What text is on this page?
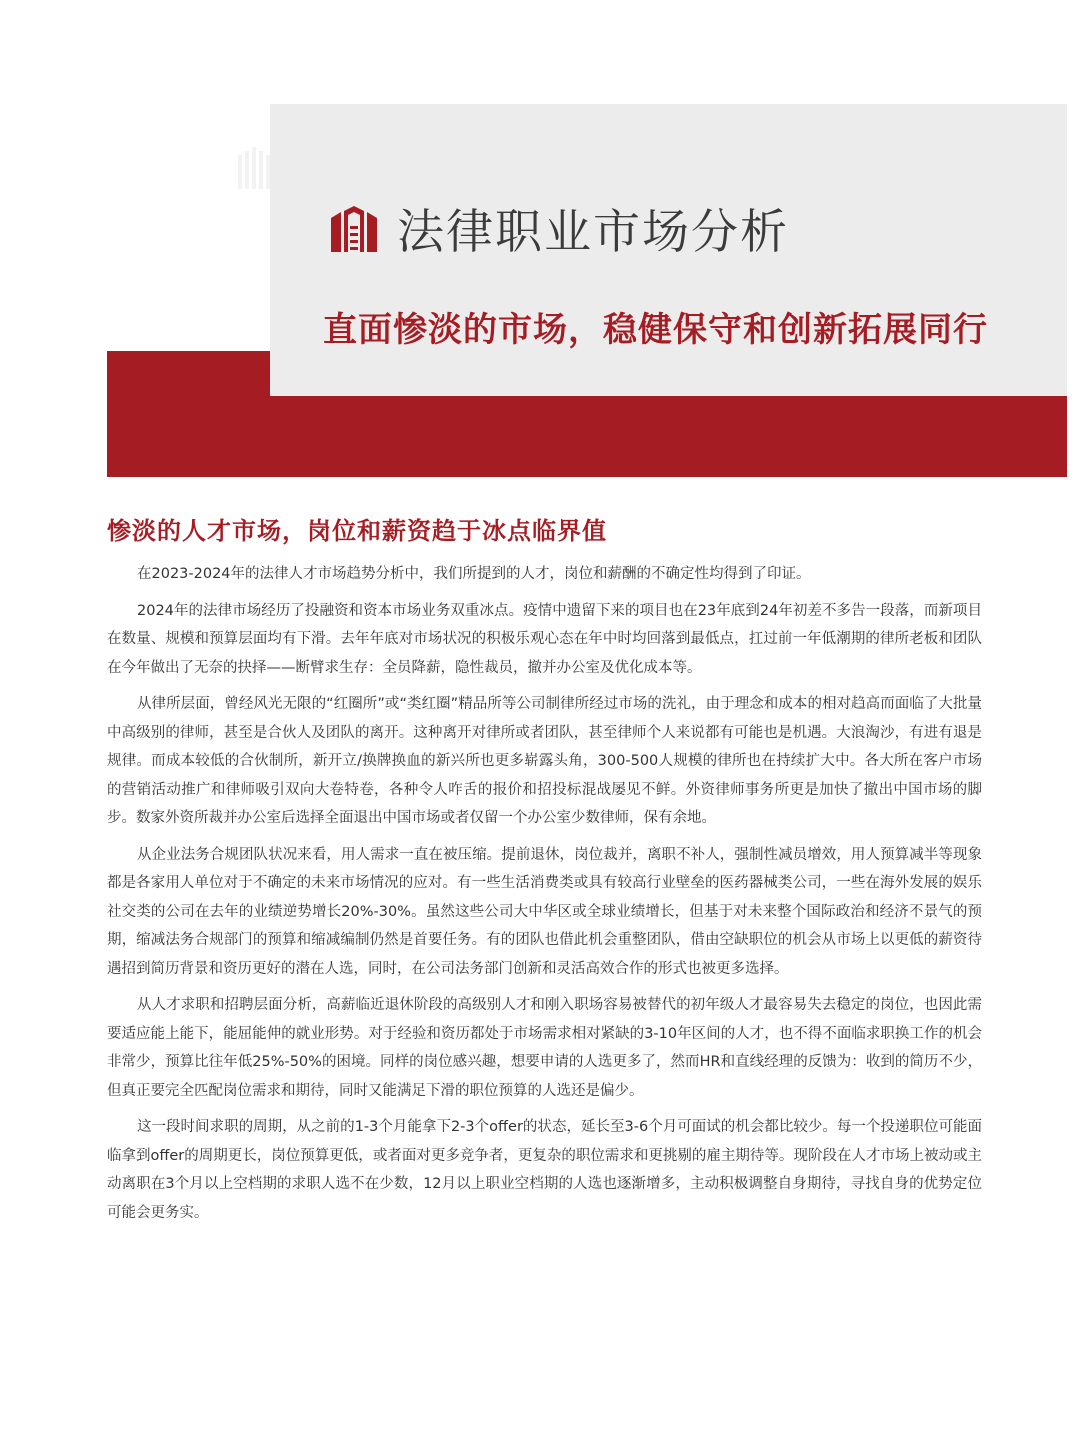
法律职业市场分析
直面惨淡的市场，稳健保守和创新拓展同行
惨淡的人才市场，岗位和薪资趋于冰点临界值

在2023-2024年的法律人才市场趋势分析中，我们所提到的人才，岗位和薪酬的不确定性均得到了印证。

2024年的法律市场经历了投融资和资本市场业务双重冰点。疫情中遗留下来的项目也在23年底到24年初差不多告一段落，而新项目在数量、规模和预算层面均有下滑。去年年底对市场状况的积极乐观心态在年中时均回落到最低点，扛过前一年低潮期的律所老板和团队在今年做出了无奈的抉择——断臂求生存：全员降薪，隐性裁员，撤并办公室及优化成本等。

从律所层面，曾经风光无限的“红圈所”或“类红圈”精品所等公司制律所经过市场的洗礼，由于理念和成本的相对趋高而面临了大批量中高级别的律师，甚至是合伙人及团队的离开。这种离开对律所或者团队，甚至律师个人来说都有可能也是机遇。大浪淘沙，有进有退是规律。而成本较低的合伙制所，新开立/换牌换血的新兴所也更多崭露头角，300-500人规模的律所也在持续扩大中。各大所在客户市场的营销活动推广和律师吸引双向大卷特卷，各种令人咋舌的报价和招投标混战屡见不鲜。外资律师事务所更是加快了撤出中国市场的脚步。数家外资所裁并办公室后选择全面退出中国市场或者仅留一个办公室少数律师，保有余地。

从企业法务合规团队状况来看，用人需求一直在被压缩。提前退休，岗位裁并，离职不补人，强制性减员增效，用人预算减半等现象都是各家用人单位对于不确定的未来市场情况的应对。有一些生活消费类或具有较高行业壁垒的医药器械类公司，一些在海外发展的娱乐社交类的公司在去年的业绩逆势增长20%-30%。虽然这些公司大中华区或全球业绩增长，但基于对未来整个国际政治和经济不景气的预期，缩减法务合规部门的预算和缩减编制仍然是首要任务。有的团队也借此机会重整团队，借由空缺职位的机会从市场上以更低的薪资待遇招到简历背景和资历更好的潜在人选，同时，在公司法务部门创新和灵活高效合作的形式也被更多选择。

从人才求职和招聘层面分析，高薪临近退休阶段的高级别人才和刚入职场容易被替代的初年级人才最容易失去稳定的岗位，也因此需要适应能上能下，能屈能伸的就业形势。对于经验和资历都处于市场需求相对紧缺的3-10年区间的人才，也不得不面临求职换工作的机会非常少，预算比往年低25%-50%的困境。同样的岗位感兴趣，想要申请的人选更多了，然而HR和直线经理的反馈为：收到的简历不少，但真正要完全匹配岗位需求和期待，同时又能满足下滑的职位预算的人选还是偏少。

这一段时间求职的周期，从之前的1-3个月能拿下2-3个offer的状态，延长至3-6个月可面试的机会都比较少。每一个投递职位可能面临拿到offer的周期更长，岗位预算更低，或者面对更多竞争者，更复杂的职位需求和更挑剔的雇主期待等。现阶段在人才市场上被动或主动离职在3个月以上空档期的求职人选不在少数，12月以上职业空档期的人选也逐渐增多，主动积极调整自身期待，寻找自身的优势定位可能会更务实。
